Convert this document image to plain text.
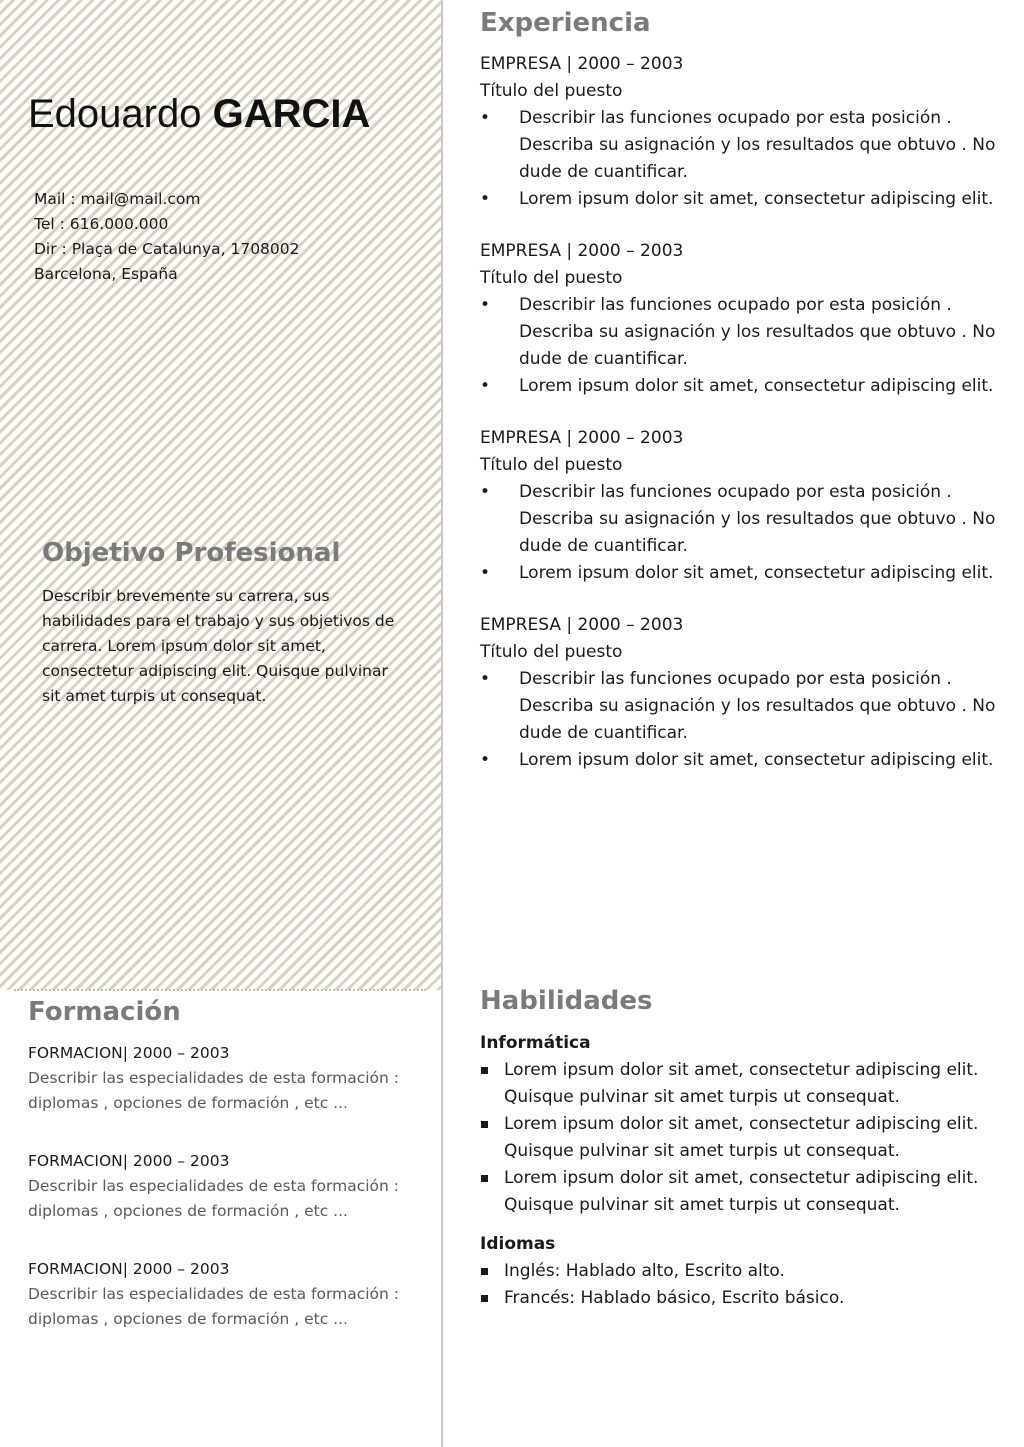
Edouardo GARCIA
Mail : mail@mail.com
Tel : 616.000.000
Dir : Plaça de Catalunya, 1708002
Barcelona, España
Objetivo Profesional

Describir brevemente su carrera, sus habilidades para el trabajo y sus objetivos de carrera. Lorem ipsum dolor sit amet, consectetur adipiscing elit. Quisque pulvinar sit amet turpis ut consequat.

Formación
FORMACION| 2000 – 2003
Describir las especialidades de esta formación : diplomas , opciones de formación , etc ...
FORMACION| 2000 – 2003
Describir las especialidades de esta formación : diplomas , opciones de formación , etc ...
FORMACION| 2000 – 2003
Describir las especialidades de esta formación : diplomas , opciones de formación , etc ...
Experiencia
EMPRESA | 2000 – 2003
Título del puesto
• Describir las funciones ocupado por esta posición . Describa su asignación y los resultados que obtuvo . No dude de cuantificar.
• Lorem ipsum dolor sit amet, consectetur adipiscing elit.
EMPRESA | 2000 – 2003
Título del puesto
• Describir las funciones ocupado por esta posición . Describa su asignación y los resultados que obtuvo . No dude de cuantificar.
• Lorem ipsum dolor sit amet, consectetur adipiscing elit.
EMPRESA | 2000 – 2003
Título del puesto
• Describir las funciones ocupado por esta posición . Describa su asignación y los resultados que obtuvo . No dude de cuantificar.
• Lorem ipsum dolor sit amet, consectetur adipiscing elit.
EMPRESA | 2000 – 2003
Título del puesto
• Describir las funciones ocupado por esta posición . Describa su asignación y los resultados que obtuvo . No dude de cuantificar.
• Lorem ipsum dolor sit amet, consectetur adipiscing elit.
Habilidades
Informática
Lorem ipsum dolor sit amet, consectetur adipiscing elit. Quisque pulvinar sit amet turpis ut consequat.
Lorem ipsum dolor sit amet, consectetur adipiscing elit. Quisque pulvinar sit amet turpis ut consequat.
Lorem ipsum dolor sit amet, consectetur adipiscing elit. Quisque pulvinar sit amet turpis ut consequat.
Idiomas
Inglés: Hablado alto, Escrito alto.
Francés: Hablado básico, Escrito básico.
